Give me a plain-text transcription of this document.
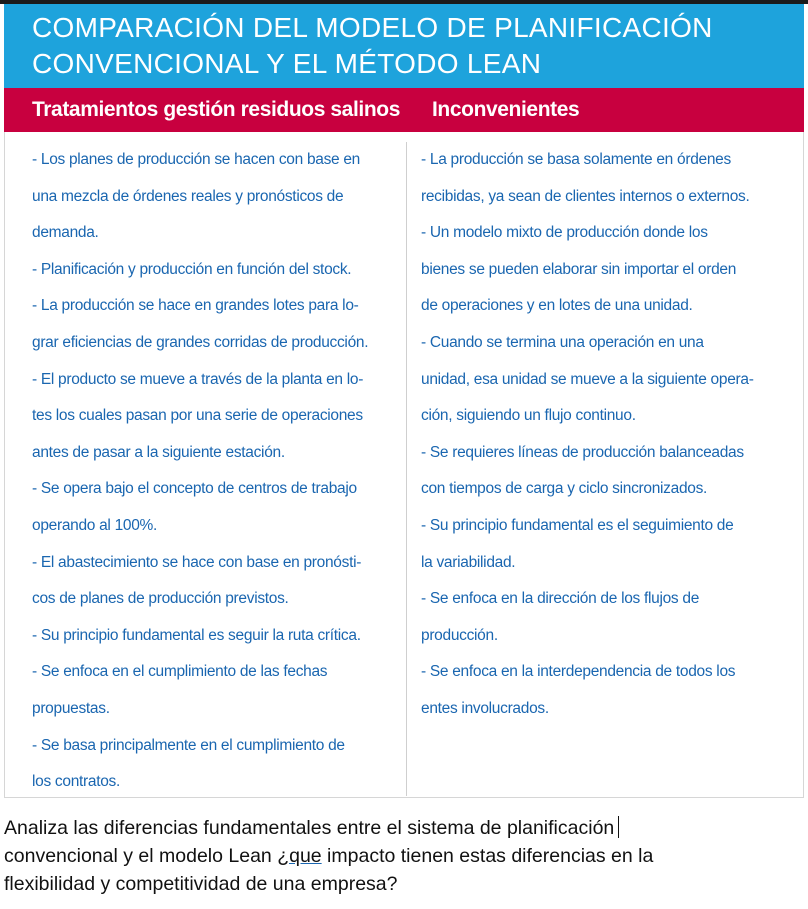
COMPARACIÓN DEL MODELO DE PLANIFICACIÓN
CONVENCIONAL Y EL MÉTODO LEAN
Tratamientos gestión residuos salinos Inconvenientes
- Los planes de producción se hacen con base en
una mezcla de órdenes reales y pronósticos de
demanda.
- Planificación y producción en función del stock.
- La producción se hace en grandes lotes para lo-
grar eficiencias de grandes corridas de producción.
- El producto se mueve a través de la planta en lo-
tes los cuales pasan por una serie de operaciones
antes de pasar a la siguiente estación.
- Se opera bajo el concepto de centros de trabajo
operando al 100%.
- El abastecimiento se hace con base en pronósti-
cos de planes de producción previstos.
- Su principio fundamental es seguir la ruta crítica.
- Se enfoca en el cumplimiento de las fechas
propuestas.
- Se basa principalmente en el cumplimiento de
los contratos.
- La producción se basa solamente en órdenes
recibidas, ya sean de clientes internos o externos.
- Un modelo mixto de producción donde los
bienes se pueden elaborar sin importar el orden
de operaciones y en lotes de una unidad.
- Cuando se termina una operación en una
unidad, esa unidad se mueve a la siguiente opera-
ción, siguiendo un flujo continuo.
- Se requieres líneas de producción balanceadas
con tiempos de carga y ciclo sincronizados.
- Su principio fundamental es el seguimiento de
la variabilidad.
- Se enfoca en la dirección de los flujos de
producción.
- Se enfoca en la interdependencia de todos los
entes involucrados.
Analiza las diferencias fundamentales entre el sistema de planificación
convencional y el modelo Lean ¿que impacto tienen estas diferencias en la
flexibilidad y competitividad de una empresa?
